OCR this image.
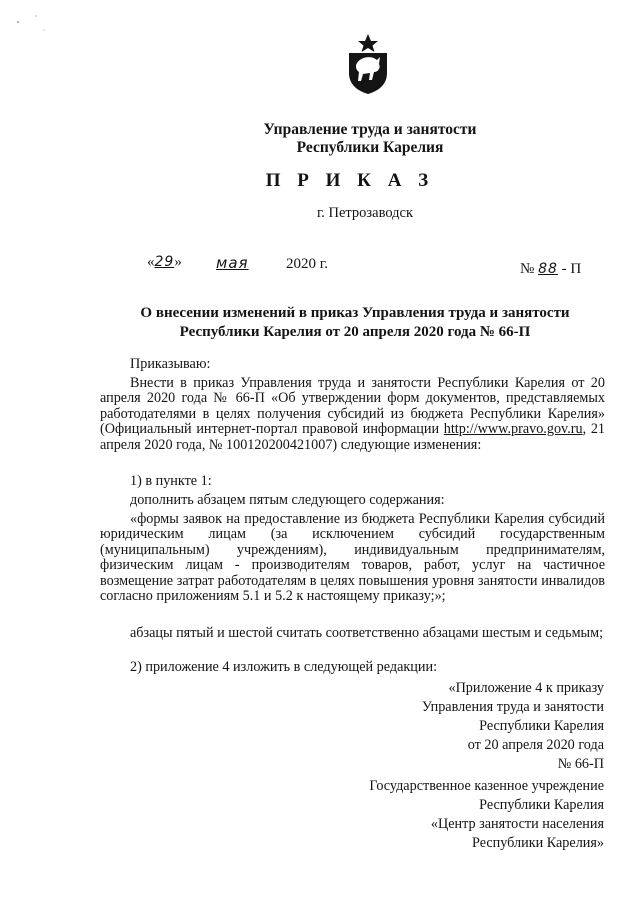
Управление труда и занятости
Республики Карелия
П Р И К А З
г. Петрозаводск
«29» мая 2020 г.	№ 88 - П
О внесении изменений в приказ Управления труда и занятости
Республики Карелия от 20 апреля 2020 года № 66-П
Приказываю:
Внести в приказ Управления труда и занятости Республики Карелия от 20 апреля 2020 года № 66-П «Об утверждении форм документов, представляемых работодателями в целях получения субсидий из бюджета Республики Карелия» (Официальный интернет-портал правовой информации http://www.pravo.gov.ru, 21 апреля 2020 года, № 100120200421007) следующие изменения:
1) в пункте 1:
дополнить абзацем пятым следующего содержания:
«формы заявок на предоставление из бюджета Республики Карелия субсидий юридическим лицам (за исключением субсидий государственным (муниципальным) учреждениям), индивидуальным предпринимателям, физическим лицам - производителям товаров, работ, услуг на частичное возмещение затрат работодателям в целях повышения уровня занятости инвалидов согласно приложениям 5.1 и 5.2 к настоящему приказу;»;
абзацы пятый и шестой считать соответственно абзацами шестым и седьмым;
2) приложение 4 изложить в следующей редакции:
«Приложение 4 к приказу
Управления труда и занятости
Республики Карелия
от 20 апреля 2020 года
№ 66-П
Государственное казенное учреждение
Республики Карелия
«Центр занятости населения
Республики Карелия»
